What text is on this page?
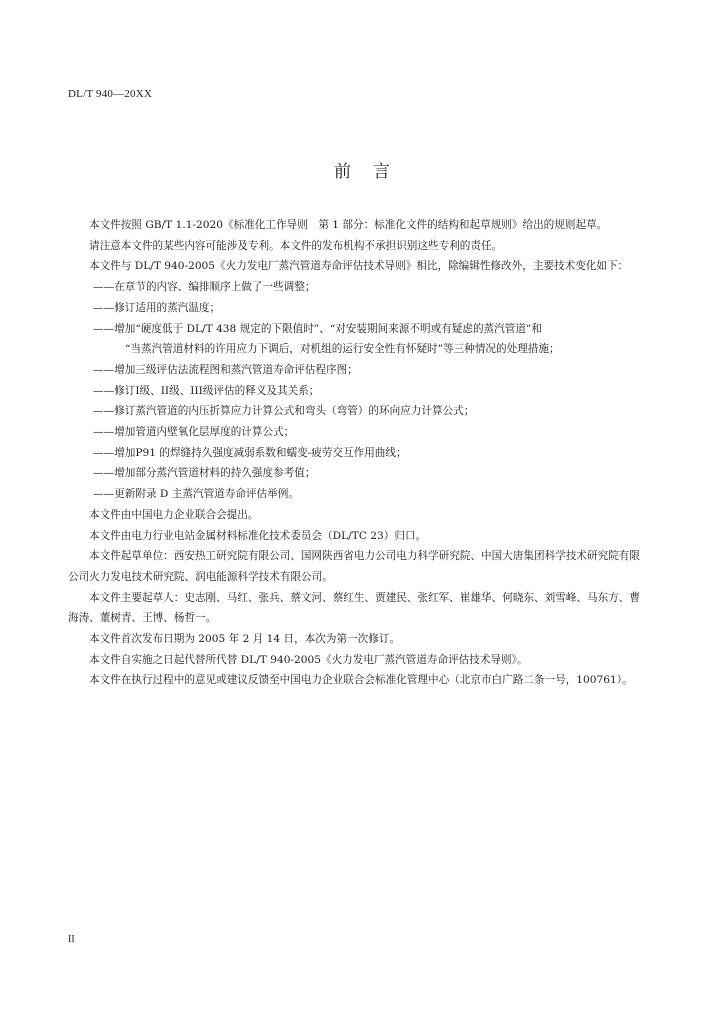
DL/T 940—20XX
前言

本文件按照 GB/T 1.1-2020《标准化工作导则　第 1 部分：标准化文件的结构和起草规则》给出的规则起草。

请注意本文件的某些内容可能涉及专利。本文件的发布机构不承担识别这些专利的责任。

本文件与 DL/T 940-2005《火力发电厂蒸汽管道寿命评估技术导则》相比，除编辑性修改外，主要技术变化如下：

——在章节的内容、编排顺序上做了一些调整；

——修订适用的蒸汽温度；

——增加“硬度低于 DL/T 438 规定的下限值时”、“对安装期间来源不明或有疑虑的蒸汽管道”和

“当蒸汽管道材料的许用应力下调后，对机组的运行安全性有怀疑时”等三种情况的处理措施；

——增加三级评估法流程图和蒸汽管道寿命评估程序图；

——修订I级、II级、III级评估的释义及其关系；

——修订蒸汽管道的内压折算应力计算公式和弯头（弯管）的环向应力计算公式；

——增加管道内壁氧化层厚度的计算公式；

——增加P91 的焊缝持久强度减弱系数和蠕变-疲劳交互作用曲线；

——增加部分蒸汽管道材料的持久强度参考值；

——更新附录 D 主蒸汽管道寿命评估举例。

本文件由中国电力企业联合会提出。

本文件由电力行业电站金属材料标准化技术委员会（DL/TC 23）归口。

本文件起草单位：西安热工研究院有限公司、国网陕西省电力公司电力科学研究院、中国大唐集团科学技术研究院有限公司火力发电技术研究院、润电能源科学技术有限公司。

本文件主要起草人：史志刚、马红、张兵、蔡文河、蔡红生、贾建民、张红军、崔雄华、何晓东、刘雪峰、马东方、曹海涛、董树青、王博、杨哲一。

本文件首次发布日期为 2005 年 2 月 14 日，本次为第一次修订。

本文件自实施之日起代替所代替 DL/T 940-2005《火力发电厂蒸汽管道寿命评估技术导则》。

本文件在执行过程中的意见或建议反馈至中国电力企业联合会标准化管理中心（北京市白广路二条一号，100761）。

II
